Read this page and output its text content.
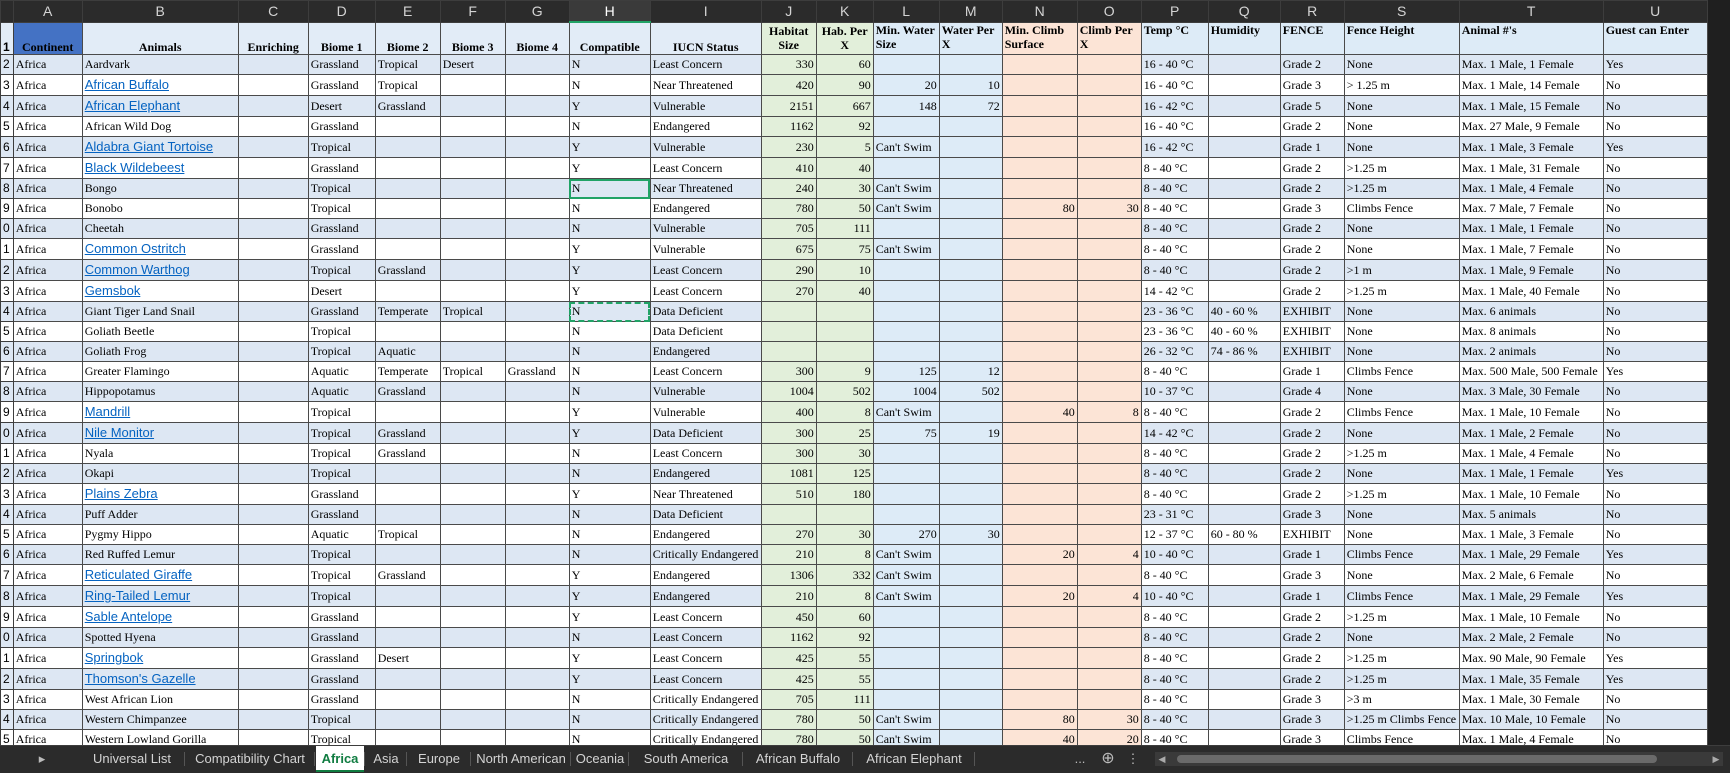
	A	B	C	D	E	F	G	H	I	J	K	L	M	N	O	P	Q	R	S	T	U
1	Continent	Animals	Enriching	Biome 1	Biome 2	Biome 3	Biome 4	Compatible	IUCN Status	Habitat Size	Hab. Per X	Min. Water Size	Water Per X	Min. Climb Surface	Climb Per X	Temp °C	Humidity	FENCE	Fence Height	Animal #'s	Guest can Enter
2	Africa	Aardvark		Grassland	Tropical	Desert		N	Least Concern	330	60					16 - 40 °C		Grade 2	None	Max. 1 Male, 1 Female	Yes
3	Africa	African Buffalo		Grassland	Tropical			N	Near Threatened	420	90	20	10			16 - 40 °C		Grade 3	> 1.25 m	Max. 1 Male, 14 Female	No
4	Africa	African Elephant		Desert	Grassland			Y	Vulnerable	2151	667	148	72			16 - 42 °C		Grade 5	None	Max. 1 Male, 15 Female	No
5	Africa	African Wild Dog		Grassland				N	Endangered	1162	92					16 - 40 °C		Grade 2	None	Max. 27 Male, 9 Female	No
6	Africa	Aldabra Giant Tortoise		Tropical				Y	Vulnerable	230	5	Can't Swim				16 - 42 °C		Grade 1	None	Max. 1 Male, 3 Female	Yes
7	Africa	Black Wildebeest		Grassland				Y	Least Concern	410	40					8 - 40 °C		Grade 2	>1.25 m	Max. 1 Male, 31 Female	No
8	Africa	Bongo		Tropical				N	Near Threatened	240	30	Can't Swim				8 - 40 °C		Grade 2	>1.25 m	Max. 1 Male, 4 Female	No
9	Africa	Bonobo		Tropical				N	Endangered	780	50	Can't Swim		80	30	8 - 40 °C		Grade 3	Climbs Fence	Max. 7 Male, 7 Female	No
0	Africa	Cheetah		Grassland				N	Vulnerable	705	111					8 - 40 °C		Grade 2	None	Max. 1 Male, 1 Female	No
1	Africa	Common Ostritch		Grassland				Y	Vulnerable	675	75	Can't Swim				8 - 40 °C		Grade 2	None	Max. 1 Male, 7 Female	No
2	Africa	Common Warthog		Tropical	Grassland			Y	Least Concern	290	10					8 - 40 °C		Grade 2	>1 m	Max. 1 Male, 9 Female	No
3	Africa	Gemsbok		Desert				Y	Least Concern	270	40					14 - 42 °C		Grade 2	>1.25 m	Max. 1 Male, 40 Female	No
4	Africa	Giant Tiger Land Snail		Grassland	Temperate	Tropical		N	Data Deficient							23 - 36 °C	40 - 60 %	EXHIBIT	None	Max. 6 animals	No
5	Africa	Goliath Beetle		Tropical				N	Data Deficient							23 - 36 °C	40 - 60 %	EXHIBIT	None	Max. 8 animals	No
6	Africa	Goliath Frog		Tropical	Aquatic			N	Endangered							26 - 32 °C	74 - 86 %	EXHIBIT	None	Max. 2 animals	No
7	Africa	Greater Flamingo		Aquatic	Temperate	Tropical	Grassland	N	Least Concern	300	9	125	12			8 - 40 °C		Grade 1	Climbs Fence	Max. 500 Male, 500 Female	Yes
8	Africa	Hippopotamus		Aquatic	Grassland			N	Vulnerable	1004	502	1004	502			10 - 37 °C		Grade 4	None	Max. 3 Male, 30 Female	No
9	Africa	Mandrill		Tropical				Y	Vulnerable	400	8	Can't Swim		40	8	8 - 40 °C		Grade 2	Climbs Fence	Max. 1 Male, 10 Female	No
0	Africa	Nile Monitor		Tropical	Grassland			Y	Data Deficient	300	25	75	19			14 - 42 °C		Grade 2	None	Max. 1 Male, 2 Female	No
1	Africa	Nyala		Tropical	Grassland			N	Least Concern	300	30					8 - 40 °C		Grade 2	>1.25 m	Max. 1 Male, 4 Female	No
2	Africa	Okapi		Tropical				N	Endangered	1081	125					8 - 40 °C		Grade 2	None	Max. 1 Male, 1 Female	Yes
3	Africa	Plains Zebra		Grassland				Y	Near Threatened	510	180					8 - 40 °C		Grade 2	>1.25 m	Max. 1 Male, 10 Female	No
4	Africa	Puff Adder		Grassland				N	Data Deficient							23 - 31 °C		Grade 3	None	Max. 5 animals	No
5	Africa	Pygmy Hippo		Aquatic	Tropical			N	Endangered	270	30	270	30			12 - 37 °C	60 - 80 %	EXHIBIT	None	Max. 1 Male, 3 Female	No
6	Africa	Red Ruffed Lemur		Tropical				N	Critically Endangered	210	8	Can't Swim		20	4	10 - 40 °C		Grade 1	Climbs Fence	Max. 1 Male, 29 Female	Yes
7	Africa	Reticulated Giraffe		Tropical	Grassland			Y	Endangered	1306	332	Can't Swim				8 - 40 °C		Grade 3	None	Max. 2 Male, 6 Female	No
8	Africa	Ring-Tailed Lemur		Tropical				Y	Endangered	210	8	Can't Swim		20	4	10 - 40 °C		Grade 1	Climbs Fence	Max. 1 Male, 29 Female	Yes
9	Africa	Sable Antelope		Grassland				Y	Least Concern	450	60					8 - 40 °C		Grade 2	>1.25 m	Max. 1 Male, 10 Female	No
0	Africa	Spotted Hyena		Grassland				N	Least Concern	1162	92					8 - 40 °C		Grade 2	None	Max. 2 Male, 2 Female	No
1	Africa	Springbok		Grassland	Desert			Y	Least Concern	425	55					8 - 40 °C		Grade 2	>1.25 m	Max. 90 Male, 90 Female	Yes
2	Africa	Thomson's Gazelle		Grassland				Y	Least Concern	425	55					8 - 40 °C		Grade 2	>1.25 m	Max. 1 Male, 35 Female	Yes
3	Africa	West African Lion		Grassland				N	Critically Endangered	705	111					8 - 40 °C		Grade 3	>3 m	Max. 1 Male, 30 Female	No
4	Africa	Western Chimpanzee		Tropical				N	Critically Endangered	780	50	Can't Swim		80	30	8 - 40 °C		Grade 3	>1.25 m Climbs Fence	Max. 10 Male, 10 Female	No
5	Africa	Western Lowland Gorilla		Tropical				N	Critically Endangered	780	50	Can't Swim		40	20	8 - 40 °C		Grade 3	Climbs Fence	Max. 1 Male, 4 Female	No
▸	Universal List	Compatibility Chart	Africa	Asia	Europe	North American Oceania	South America	African Buffalo	African Elephant	... ⊕ ⋮	◀	▶
